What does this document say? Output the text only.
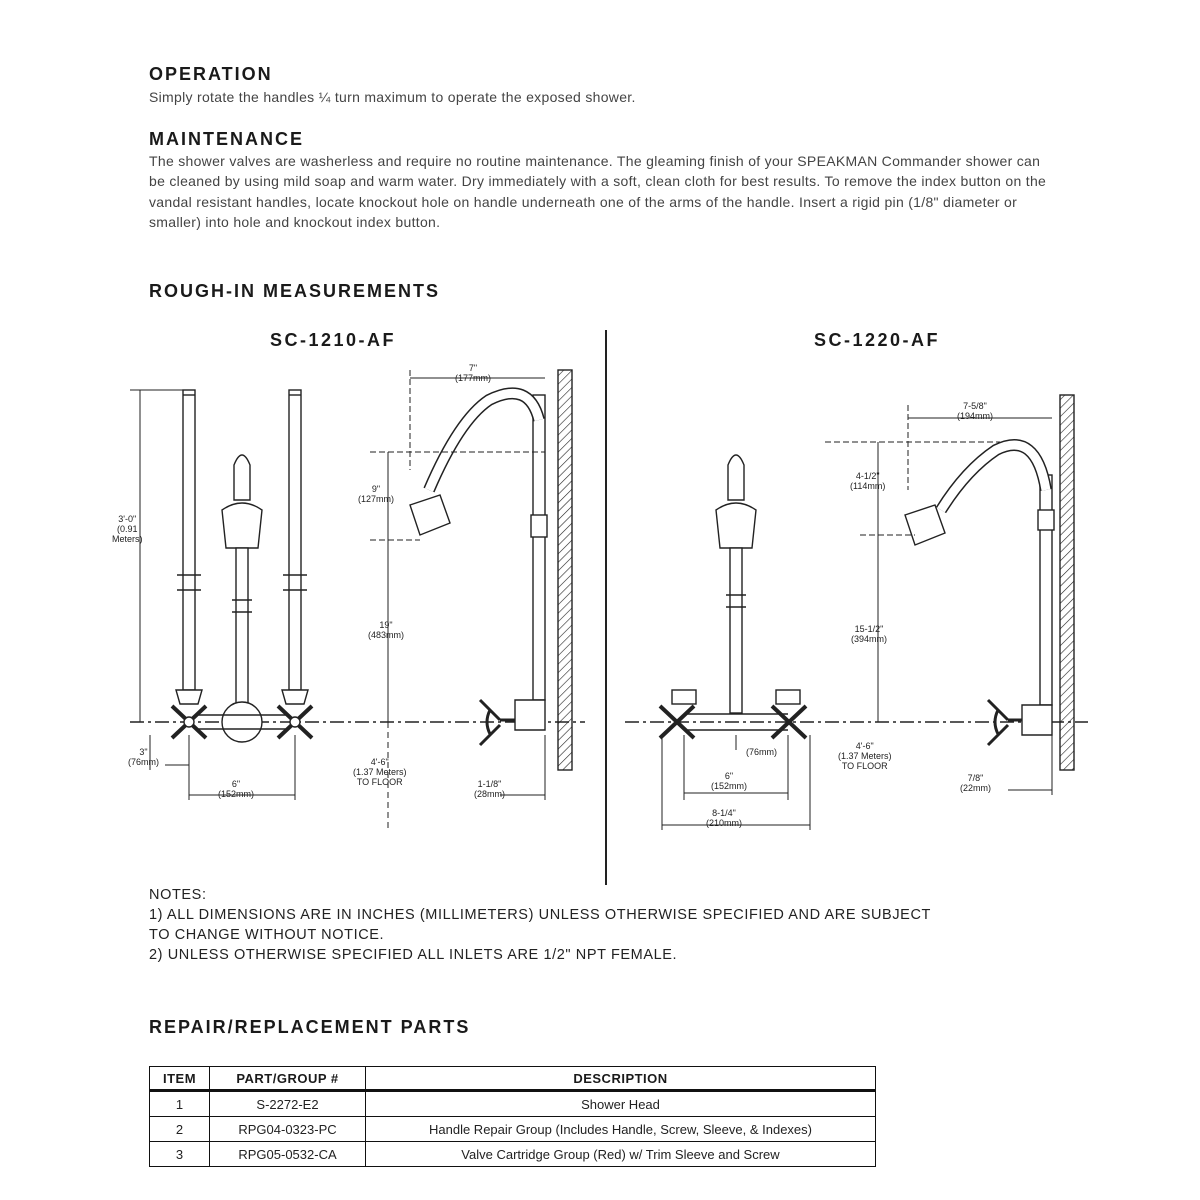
OPERATION

Simply rotate the handles ¼ turn maximum to operate the exposed shower.

MAINTENANCE

The shower valves are washerless and require no routine maintenance. The gleaming finish of your SPEAKMAN Commander shower can be cleaned by using mild soap and warm water. Dry immediately with a soft, clean cloth for best results. To remove the index button on the vandal resistant handles, locate knockout hole on handle underneath one of the arms of the handle. Insert a rigid pin (1/8" diameter or smaller) into hole and knockout index button.

ROUGH-IN MEASUREMENTS
SC-1210-AF	SC-1220-AF
3'-0"
(0.91
Meters)
7"
(177mm)
9"
(127mm)
19"
(483mm)
4'-6"
(1.37 Meters)
TO FLOOR
3"
(76mm)
6"
(152mm)
1-1/8"
(28mm)
7-5/8"
(194mm)
4-1/2"
(114mm)
15-1/2"
(394mm)
4'-6"
(1.37 Meters)
TO FLOOR
(76mm)
6"
(152mm)
8-1/4"
(210mm)
7/8"
(22mm)
NOTES:
1) ALL DIMENSIONS ARE IN INCHES (MILLIMETERS) UNLESS OTHERWISE SPECIFIED AND ARE SUBJECT
TO CHANGE WITHOUT NOTICE.
2) UNLESS OTHERWISE SPECIFIED ALL INLETS ARE 1/2" NPT FEMALE.
REPAIR/REPLACEMENT PARTS
ITEM	PART/GROUP #	DESCRIPTION
1	S-2272-E2	Shower Head
2	RPG04-0323-PC	Handle Repair Group (Includes Handle, Screw, Sleeve, & Indexes)
3	RPG05-0532-CA	Valve Cartridge Group (Red) w/ Trim Sleeve and Screw
